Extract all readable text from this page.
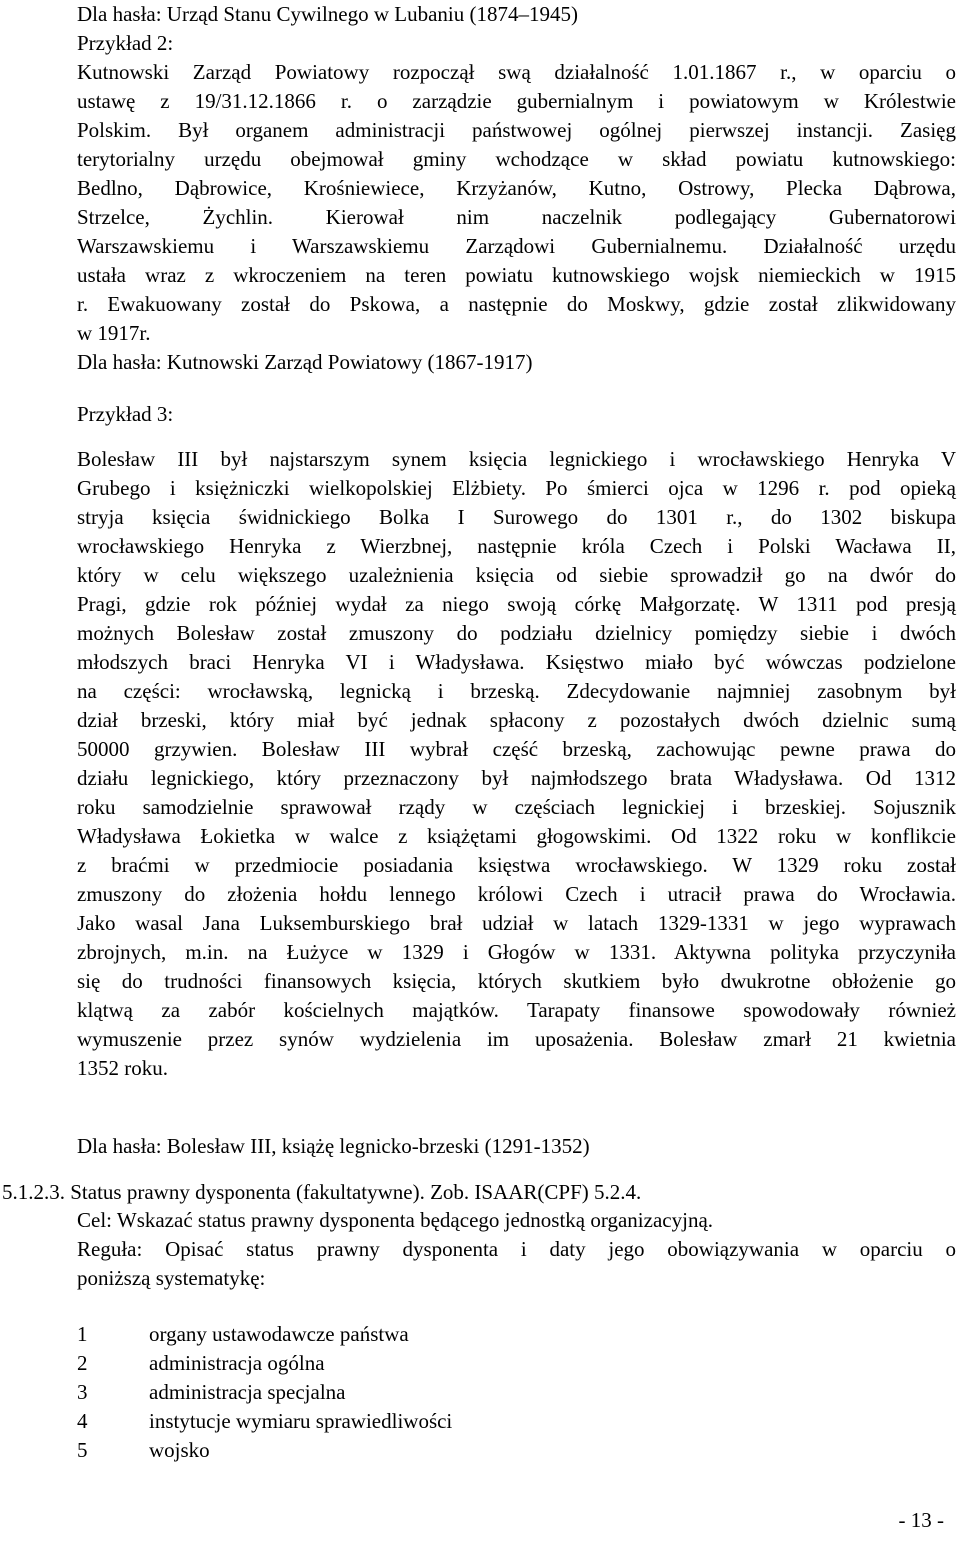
Dla hasła: Urząd Stanu Cywilnego w Lubaniu (1874–1945)
Przykład 2:
Kutnowski Zarząd Powiatowy rozpoczął swą działalność 1.01.1867 r., w oparciu o
ustawę z 19/31.12.1866 r. o zarządzie gubernialnym i powiatowym w Królestwie
Polskim. Był organem administracji państwowej ogólnej pierwszej instancji. Zasięg
terytorialny urzędu obejmował gminy wchodzące w skład powiatu kutnowskiego:
Bedlno, Dąbrowice, Krośniewiece, Krzyżanów, Kutno, Ostrowy, Plecka Dąbrowa,
Strzelce, Żychlin. Kierował nim naczelnik podlegający Gubernatorowi
Warszawskiemu i Warszawskiemu Zarządowi Gubernialnemu. Działalność urzędu
ustała wraz z wkroczeniem na teren powiatu kutnowskiego wojsk niemieckich w 1915
r. Ewakuowany został do Pskowa, a następnie do Moskwy, gdzie został zlikwidowany
w 1917r.
Dla hasła: Kutnowski Zarząd Powiatowy (1867-1917)
Przykład 3:
Bolesław III był najstarszym synem księcia legnickiego i wrocławskiego Henryka V
Grubego i księżniczki wielkopolskiej Elżbiety. Po śmierci ojca w 1296 r. pod opieką
stryja księcia świdnickiego Bolka I Surowego do 1301 r., do 1302 biskupa
wrocławskiego Henryka z Wierzbnej, następnie króla Czech i Polski Wacława II,
który w celu większego uzależnienia księcia od siebie sprowadził go na dwór do
Pragi, gdzie rok później wydał za niego swoją córkę Małgorzatę. W 1311 pod presją
możnych Bolesław został zmuszony do podziału dzielnicy pomiędzy siebie i dwóch
młodszych braci Henryka VI i Władysława. Księstwo miało być wówczas podzielone
na części: wrocławską, legnicką i brzeską. Zdecydowanie najmniej zasobnym był
dział brzeski, który miał być jednak spłacony z pozostałych dwóch dzielnic sumą
50000 grzywien. Bolesław III wybrał część brzeską, zachowując pewne prawa do
działu legnickiego, który przeznaczony był najmłodszego brata Władysława. Od 1312
roku samodzielnie sprawował rządy w częściach legnickiej i brzeskiej. Sojusznik
Władysława Łokietka w walce z książętami głogowskimi. Od 1322 roku w konflikcie
z braćmi w przedmiocie posiadania księstwa wrocławskiego. W 1329 roku został
zmuszony do złożenia hołdu lennego królowi Czech i utracił prawa do Wrocławia.
Jako wasal Jana Luksemburskiego brał udział w latach 1329-1331 w jego wyprawach
zbrojnych, m.in. na Łużyce w 1329 i Głogów w 1331. Aktywna polityka przyczyniła
się do trudności finansowych księcia, których skutkiem było dwukrotne obłożenie go
klątwą za zabór kościelnych majątków. Tarapaty finansowe spowodowały również
wymuszenie przez synów wydzielenia im uposażenia. Bolesław zmarł 21 kwietnia
1352 roku.
Dla hasła: Bolesław III, książę legnicko-brzeski (1291-1352)
5.1.2.3. Status prawny dysponenta (fakultatywne). Zob. ISAAR(CPF) 5.2.4.
Cel: Wskazać status prawny dysponenta będącego jednostką organizacyjną.
Reguła: Opisać status prawny dysponenta i daty jego obowiązywania w oparciu o
poniższą systematykę:
1	organy ustawodawcze państwa
2	administracja ogólna
3	administracja specjalna
4	instytucje wymiaru sprawiedliwości
5	wojsko
- 13 -
